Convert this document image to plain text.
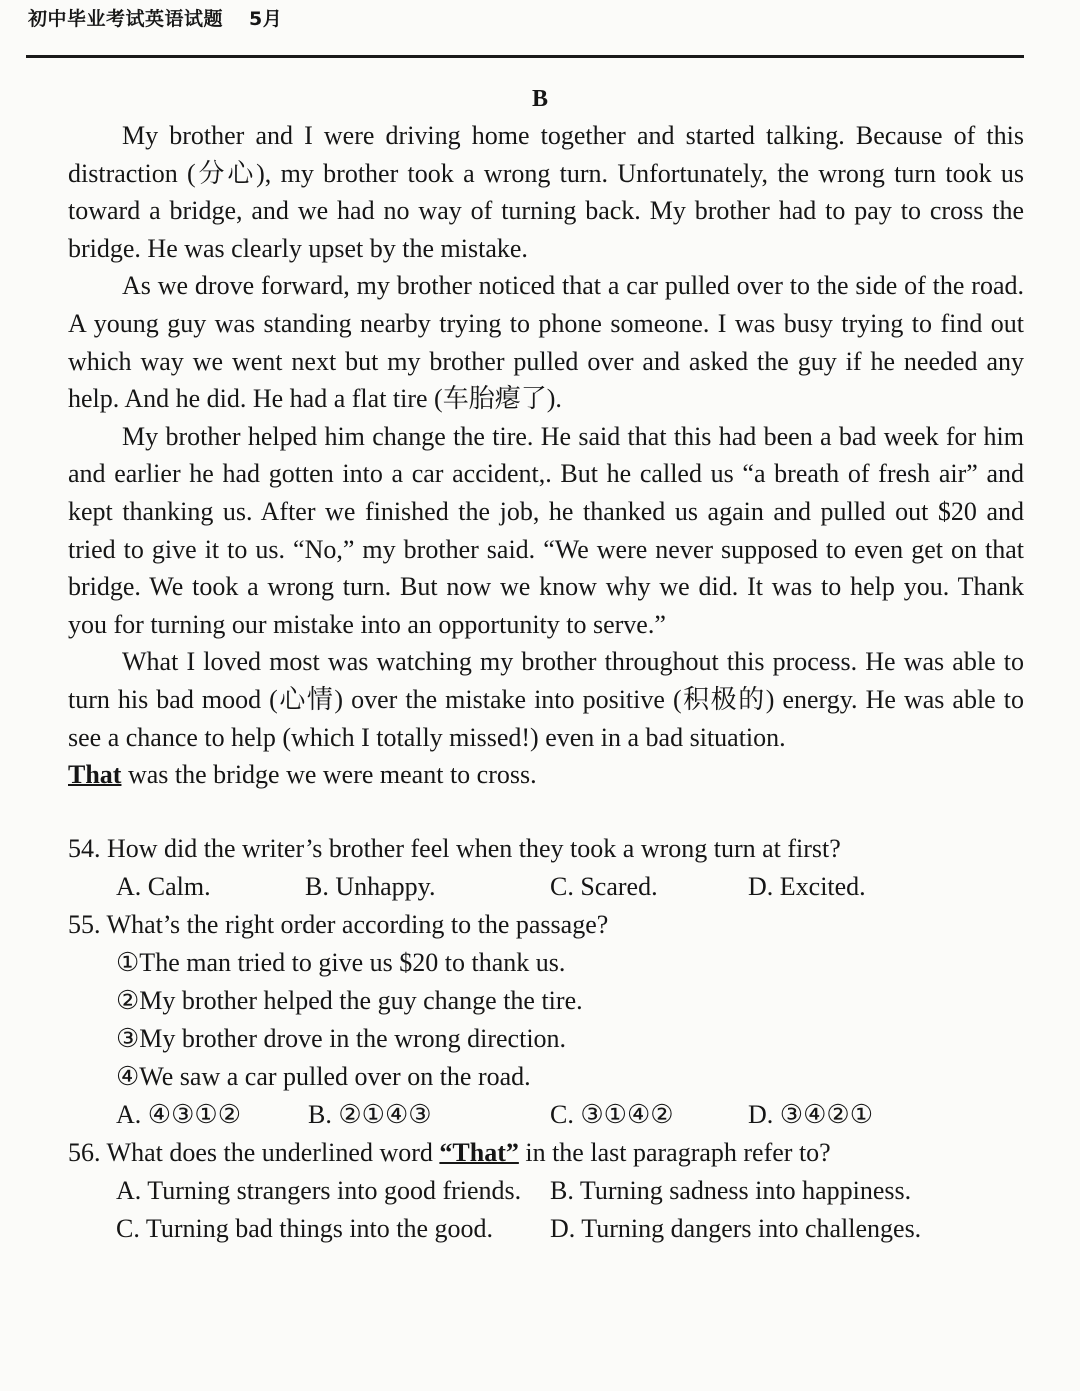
初中毕业考试英语试题 5月
B

My brother and I were driving home together and started talking. Because of this distraction (分心), my brother took a wrong turn. Unfortunately, the wrong turn took us toward a bridge, and we had no way of turning back. My brother had to pay to cross the bridge. He was clearly upset by the mistake.

As we drove forward, my brother noticed that a car pulled over to the side of the road. A young guy was standing nearby trying to phone someone. I was busy trying to find out which way we went next but my brother pulled over and asked the guy if he needed any help. And he did. He had a flat tire (车胎瘪了).

My brother helped him change the tire. He said that this had been a bad week for him and earlier he had gotten into a car accident,. But he called us “a breath of fresh air” and kept thanking us. After we finished the job, he thanked us again and pulled out $20 and tried to give it to us. “No,” my brother said. “We were never supposed to even get on that bridge. We took a wrong turn. But now we know why we did. It was to help you. Thank you for turning our mistake into an opportunity to serve.”

What I loved most was watching my brother throughout this process. He was able to turn his bad mood (心情) over the mistake into positive (积极的) energy. He was able to see a chance to help (which I totally missed!) even in a bad situation.

That was the bridge we were meant to cross.

54. How did the writer’s brother feel when they took a wrong turn at first?
A. Calm.	B. Unhappy.	C. Scared.	D. Excited.
55. What’s the right order according to the passage?
①The man tried to give us $20 to thank us.
②My brother helped the guy change the tire.
③My brother drove in the wrong direction.
④We saw a car pulled over on the road.
A. ④③①②	B. ②①④③	C. ③①④②	D. ③④②①
56. What does the underlined word “That” in the last paragraph refer to?
A. Turning strangers into good friends. B. Turning sadness into happiness.
C. Turning bad things into the good. D. Turning dangers into challenges.
